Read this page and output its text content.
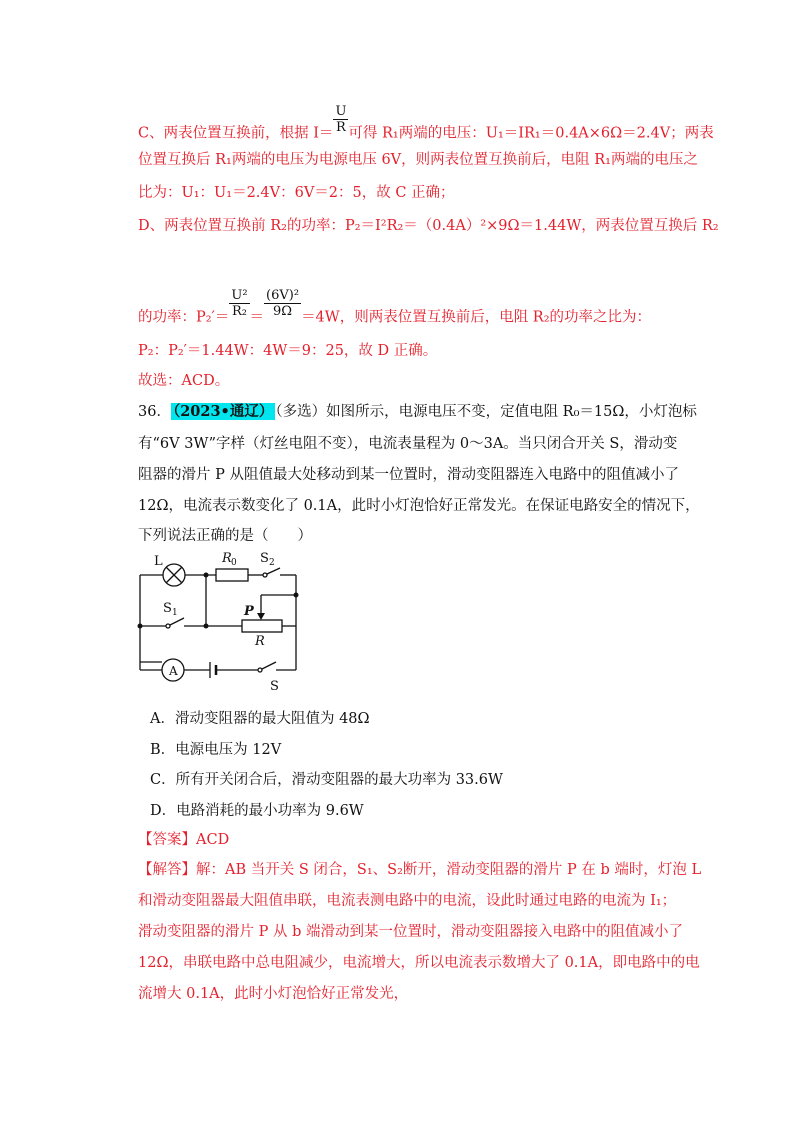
C、两表位置互换前，根据 $I= \frac{U}{R}$ 可得 R₁两端的电压：U₁＝IR₁＝0.4A×6Ω＝2.4V；两表
位置互换后 R₁两端的电压为电源电压 6V，则两表位置互换前后，电阻 R₁两端的电压之
比为：U₁：U₁＝2.4V：6V＝2：5，故 C 正确；
D、两表位置互换前 R₂的功率：P₂＝I²R₂＝（0.4A）²×9Ω＝1.44W，两表位置互换后 R₂
的功率：$P_2'= \frac{\text{U²}}{\text{R₂}} = \frac{\text{(6V)²}}{9\Omega} =4W$，则两表位置互换前后，电阻 R₂的功率之比为：
P₂：P₂′＝1.44W：4W＝9：25，故 D 正确。
故选：ACD。
36． （2023•通辽） （多选）如图所示，电源电压不变，定值电阻 R₀＝15Ω，小灯泡标
有“6V 3W”字样（灯丝电阻不变），电流表量程为 0～3A。当只闭合开关 S，滑动变
阻器的滑片 P 从阻值最大处移动到某一位置时，滑动变阻器连入电路中的阻值减小了
12Ω，电流表示数变化了 0.1A，此时小灯泡恰好正常发光。在保证电路安全的情况下，
下列说法正确的是（　　）
L	R 0 S 2
S 1	P
R
A
S
A．滑动变阻器的最大阻值为 48Ω
B．电源电压为 12V
C．所有开关闭合后，滑动变阻器的最大功率为 33.6W
D．电路消耗的最小功率为 9.6W
【答案】ACD
【解答】解：AB 当开关 S 闭合，S₁、S₂断开，滑动变阻器的滑片 P 在 b 端时，灯泡 L
和滑动变阻器最大阻值串联，电流表测电路中的电流，设此时通过电路的电流为 I₁；
滑动变阻器的滑片 P 从 b 端滑动到某一位置时，滑动变阻器接入电路中的阻值减小了
12Ω，串联电路中总电阻减少，电流增大，所以电流表示数增大了 0.1A，即电路中的电
流增大 0.1A，此时小灯泡恰好正常发光，
